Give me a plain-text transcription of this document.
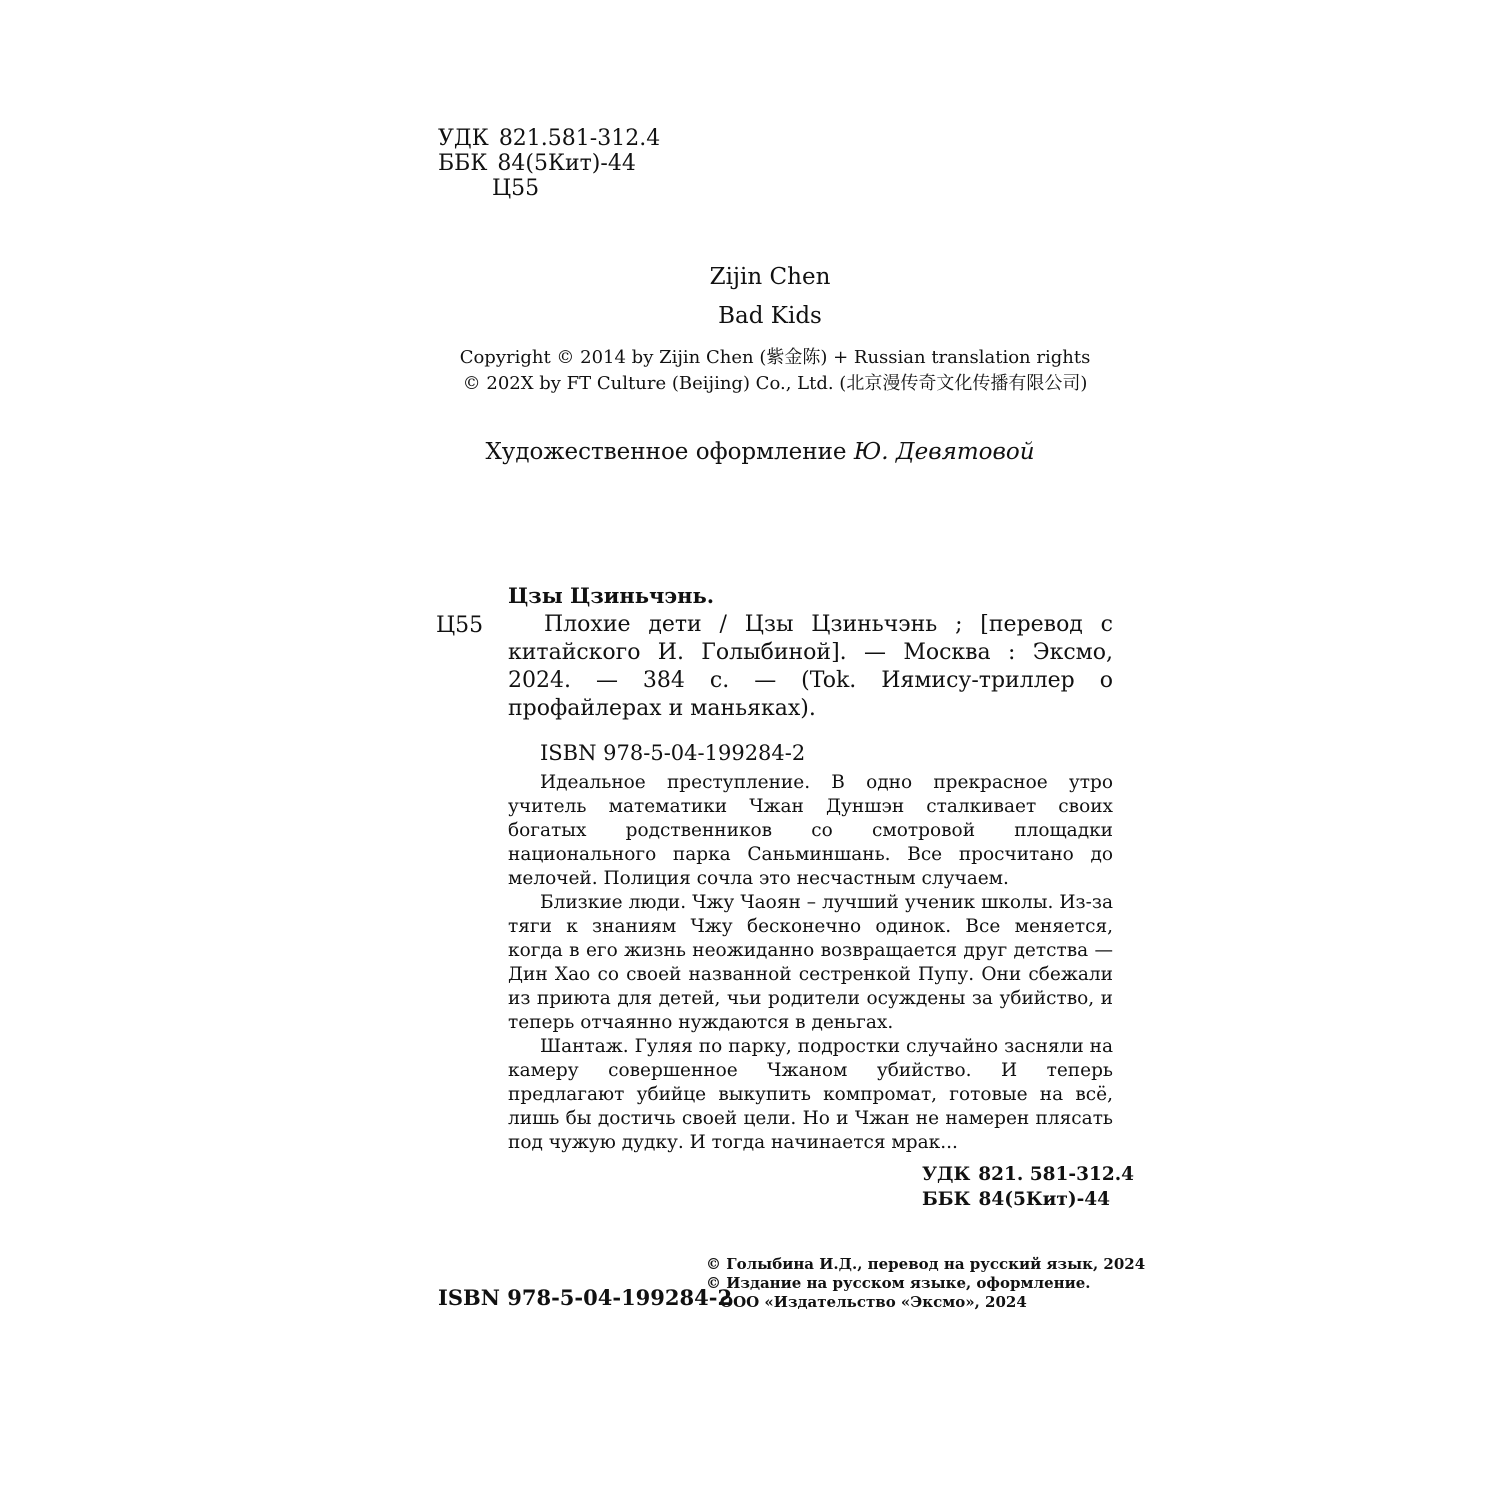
УДК 821.581-312.4
ББК 84(5Кит)-44
Ц55
Zijin Chen
Bad Kids
Copyright © 2014 by Zijin Chen (紫金陈) + Russian translation rights
© 202X by FT Culture (Beijing) Co., Ltd. (北京漫传奇文化传播有限公司)
Художественное оформление Ю. Девятовой
Цзы Цзиньчэнь.
Ц55	Плохие дети / Цзы Цзиньчэнь ; [перевод с китайского И. Голыбиной]. — Москва : Эксмо, 2024. — 384 с. — (Tok. Иямису-триллер о профайлерах и маньяках).
ISBN 978-5-04-199284-2

Идеальное преступление. В одно прекрасное утро учитель математики Чжан Дуншэн сталкивает своих богатых родственников со смотровой площадки национального парка Саньминшань. Все просчитано до мелочей. Полиция сочла это несчастным случаем.

Близкие люди. Чжу Чаоян – лучший ученик школы. Из-за тяги к знаниям Чжу бесконечно одинок. Все меняется, когда в его жизнь неожиданно возвращается друг детства — Дин Хао со своей названной сестренкой Пупу. Они сбежали из приюта для детей, чьи родители осуждены за убийство, и теперь отчаянно нуждаются в деньгах.

Шантаж. Гуляя по парку, подростки случайно засняли на камеру совершенное Чжаном убийство. И теперь предлагают убийце выкупить компромат, готовые на всё, лишь бы достичь своей цели. Но и Чжан не намерен плясать под чужую дудку. И тогда начинается мрак...

УДК 821. 581-312.4
ББК 84(5Кит)-44
ISBN 978-5-04-199284-2
© Голыбина И.Д., перевод на русский язык, 2024
© Издание на русском языке, оформление.
ООО «Издательство «Эксмо», 2024
